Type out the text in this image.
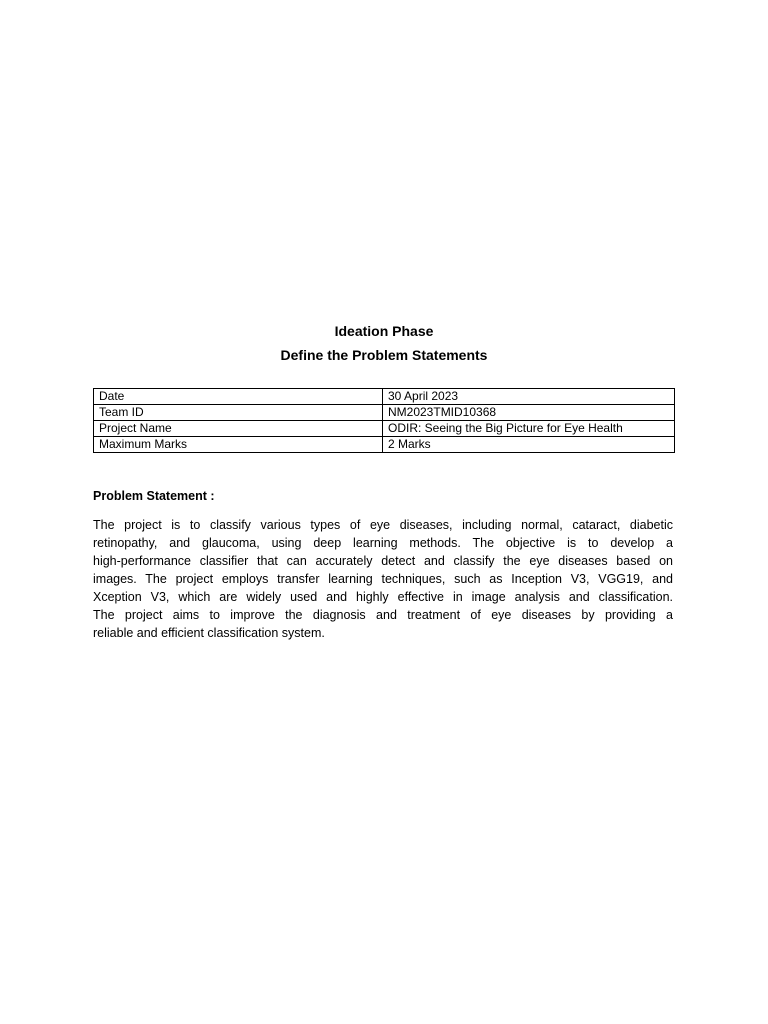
Ideation Phase
Define the Problem Statements
Date	30 April 2023
Team ID	NM2023TMID10368
Project Name	ODIR: Seeing the Big Picture for Eye Health
Maximum Marks	2 Marks
Problem Statement :
The project is to classify various types of eye diseases, including normal, cataract, diabetic
retinopathy, and glaucoma, using deep learning methods. The objective is to develop a
high-performance classifier that can accurately detect and classify the eye diseases based on
images. The project employs transfer learning techniques, such as Inception V3, VGG19, and
Xception V3, which are widely used and highly effective in image analysis and classification.
The project aims to improve the diagnosis and treatment of eye diseases by providing a
reliable and efficient classification system.
